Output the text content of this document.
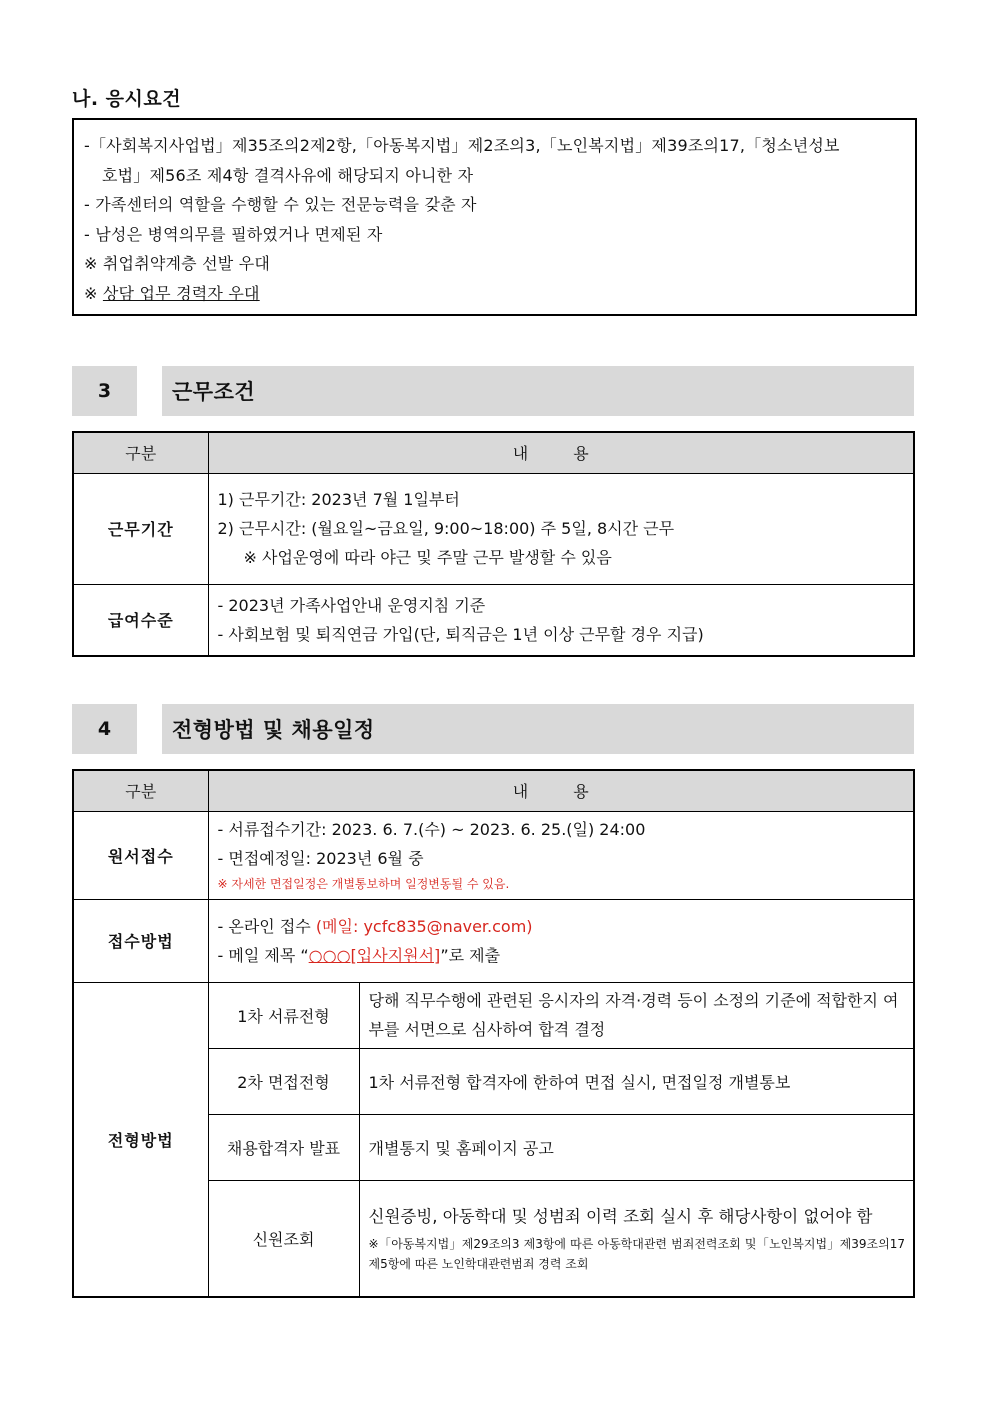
나. 응시요건
-「사회복지사업법」제35조의2제2항,「아동복지법」제2조의3,「노인복지법」제39조의17,「청소년성보
호법」제56조 제4항 결격사유에 해당되지 아니한 자
- 가족센터의 역할을 수행할 수 있는 전문능력을 갖춘 자
- 남성은 병역의무를 필하였거나 면제된 자
※ 취업취약계층 선발 우대
※ 상담 업무 경력자 우대
3	근무조건
구분	내 용
근무기간	1) 근무기간: 2023년 7월 1일부터
2) 근무시간: (월요일~금요일, 9:00~18:00) 주 5일, 8시간 근무
※ 사업운영에 따라 야근 및 주말 근무 발생할 수 있음

급여수준	- 2023년 가족사업안내 운영지침 기준
- 사회보험 및 퇴직연금 가입(단, 퇴직금은 1년 이상 근무할 경우 지급)
4	전형방법 및 채용일정
구분	내 용	
원서접수	- 서류접수기간: 2023. 6. 7.(수) ~ 2023. 6. 25.(일) 24:00
- 면접예정일: 2023년 6월 중
※ 자세한 면접일정은 개별통보하며 일정변동될 수 있음.	

접수방법	- 온라인 접수 (메일: ycfc835@naver.com)
- 메일 제목 “○○○[입사지원서]”로 제출	

전형방법	1차 서류전형	당해 직무수행에 관련된 응시자의 자격·경력 등이 소정의 기준에 적합한지 여부를 서면으로 심사하여 합격 결정
	2차 면접전형	1차 서류전형 합격자에 한하여 면접 실시, 면접일정 개별통보
	채용합격자 발표	개별통지 및 홈페이지 공고
	신원조회	신원증빙, 아동학대 및 성범죄 이력 조회 실시 후 해당사항이 없어야 함
※「아동복지법」제29조의3 제3항에 따른 아동학대관련 범죄전력조회 및「노인복지법」제39조의17제5항에 따른 노인학대관련범죄 경력 조회
